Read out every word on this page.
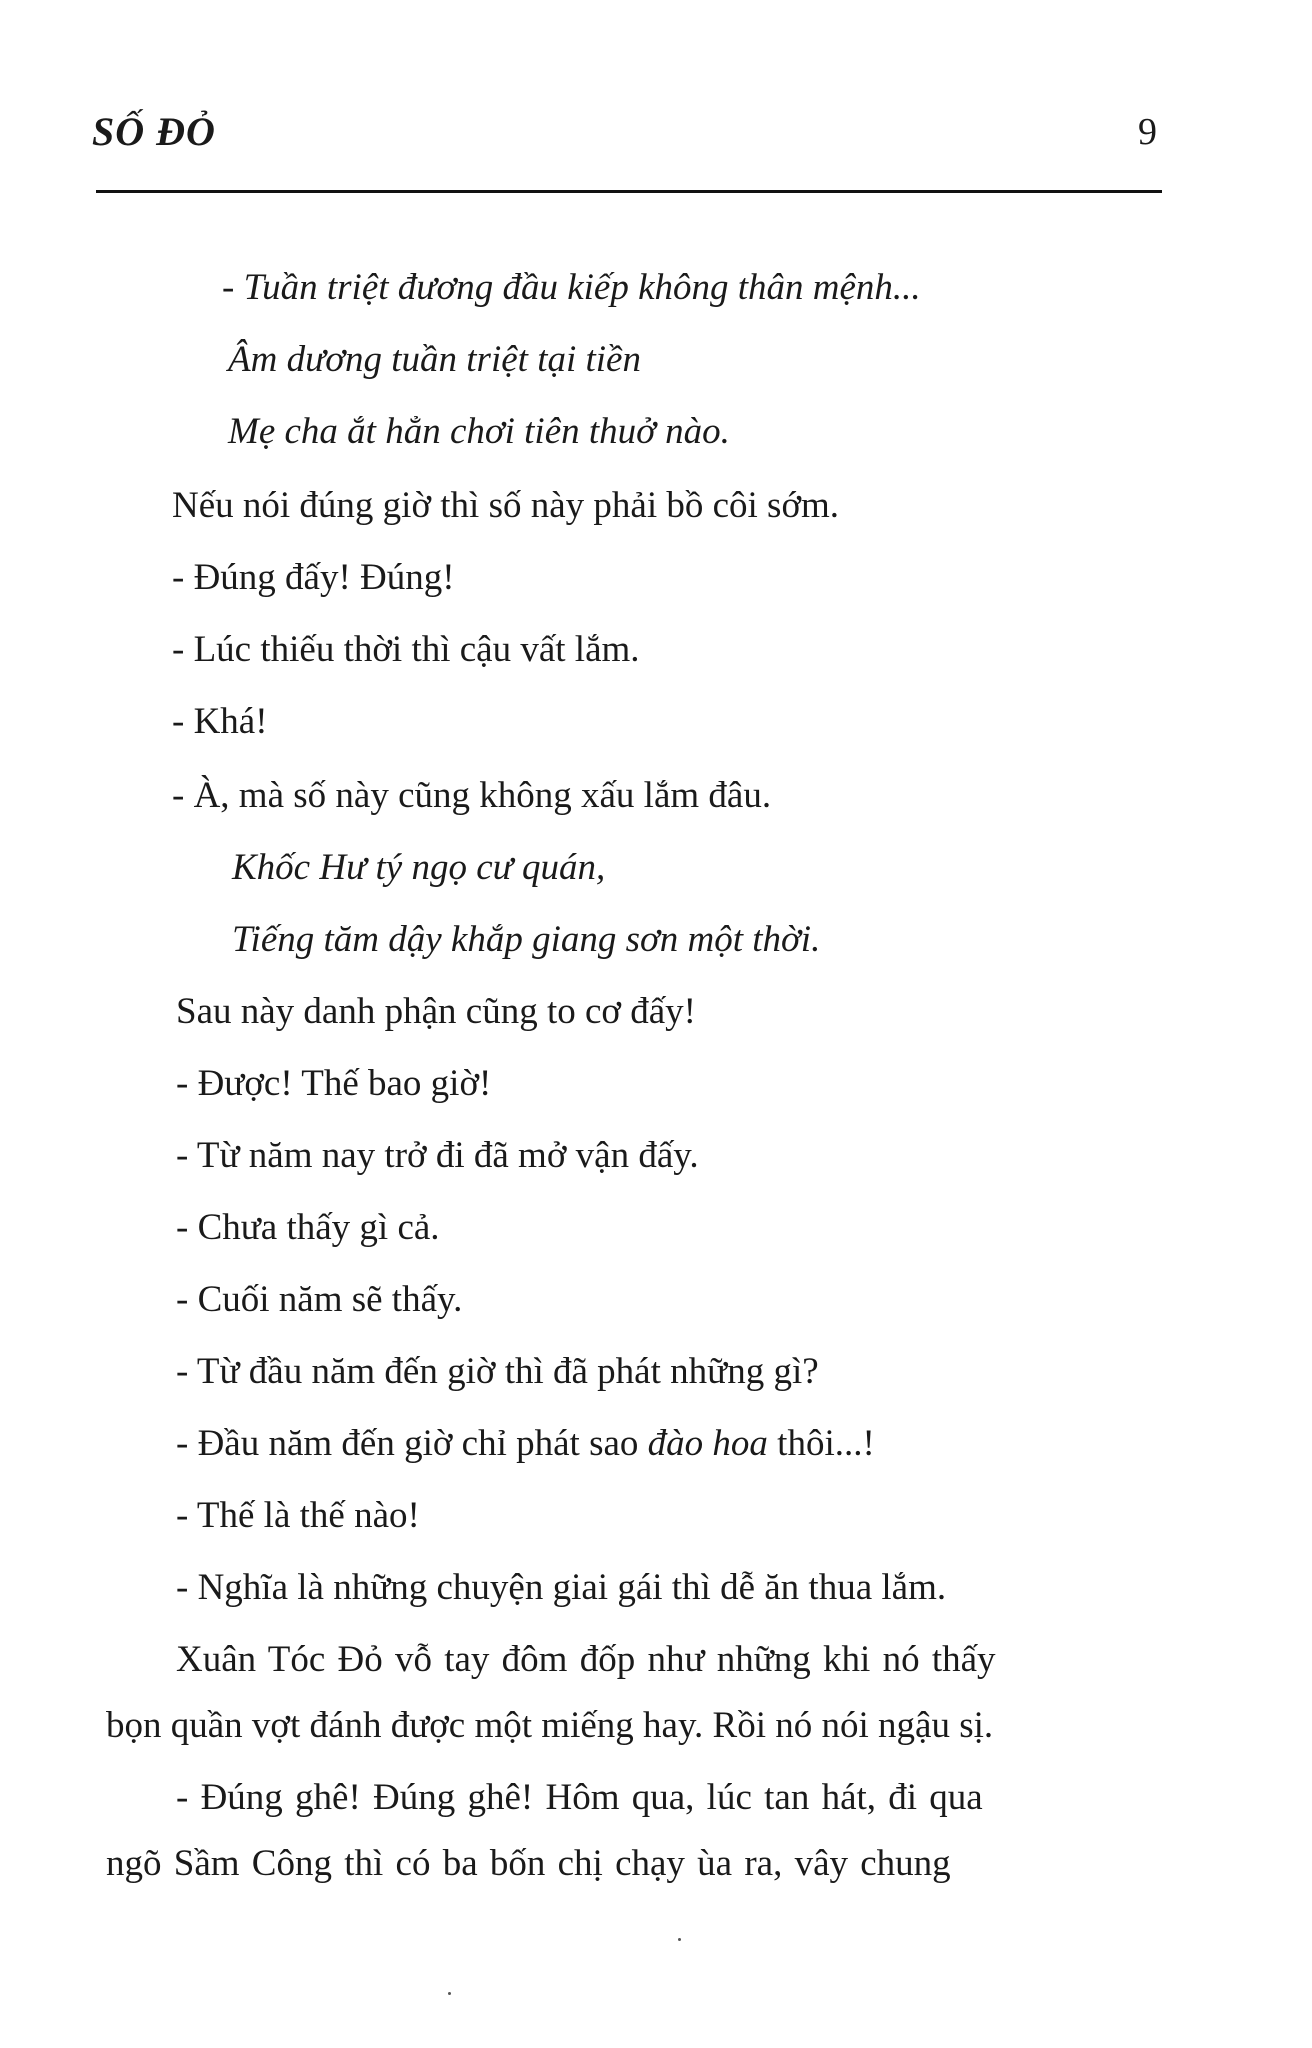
SỐ ĐỎ	9
- Tuần triệt đương đầu kiếp không thân mệnh...
Âm dương tuần triệt tại tiền
Mẹ cha ắt hẳn chơi tiên thuở nào.
Nếu nói đúng giờ thì số này phải bồ côi sớm.
- Đúng đấy! Đúng!
- Lúc thiếu thời thì cậu vất lắm.
- Khá!
- À, mà số này cũng không xấu lắm đâu.
Khốc Hư tý ngọ cư quán,
Tiếng tăm dậy khắp giang sơn một thời.
Sau này danh phận cũng to cơ đấy!
- Được! Thế bao giờ!
- Từ năm nay trở đi đã mở vận đấy.
- Chưa thấy gì cả.
- Cuối năm sẽ thấy.
- Từ đầu năm đến giờ thì đã phát những gì?
- Đầu năm đến giờ chỉ phát sao đào hoa thôi...!
- Thế là thế nào!
- Nghĩa là những chuyện giai gái thì dễ ăn thua lắm.
Xuân Tóc Đỏ vỗ tay đôm đốp như những khi nó thấy
bọn quần vợt đánh được một miếng hay. Rồi nó nói ngậu sị.
- Đúng ghê! Đúng ghê! Hôm qua, lúc tan hát, đi qua
ngõ Sầm Công thì có ba bốn chị chạy ùa ra, vây chung
